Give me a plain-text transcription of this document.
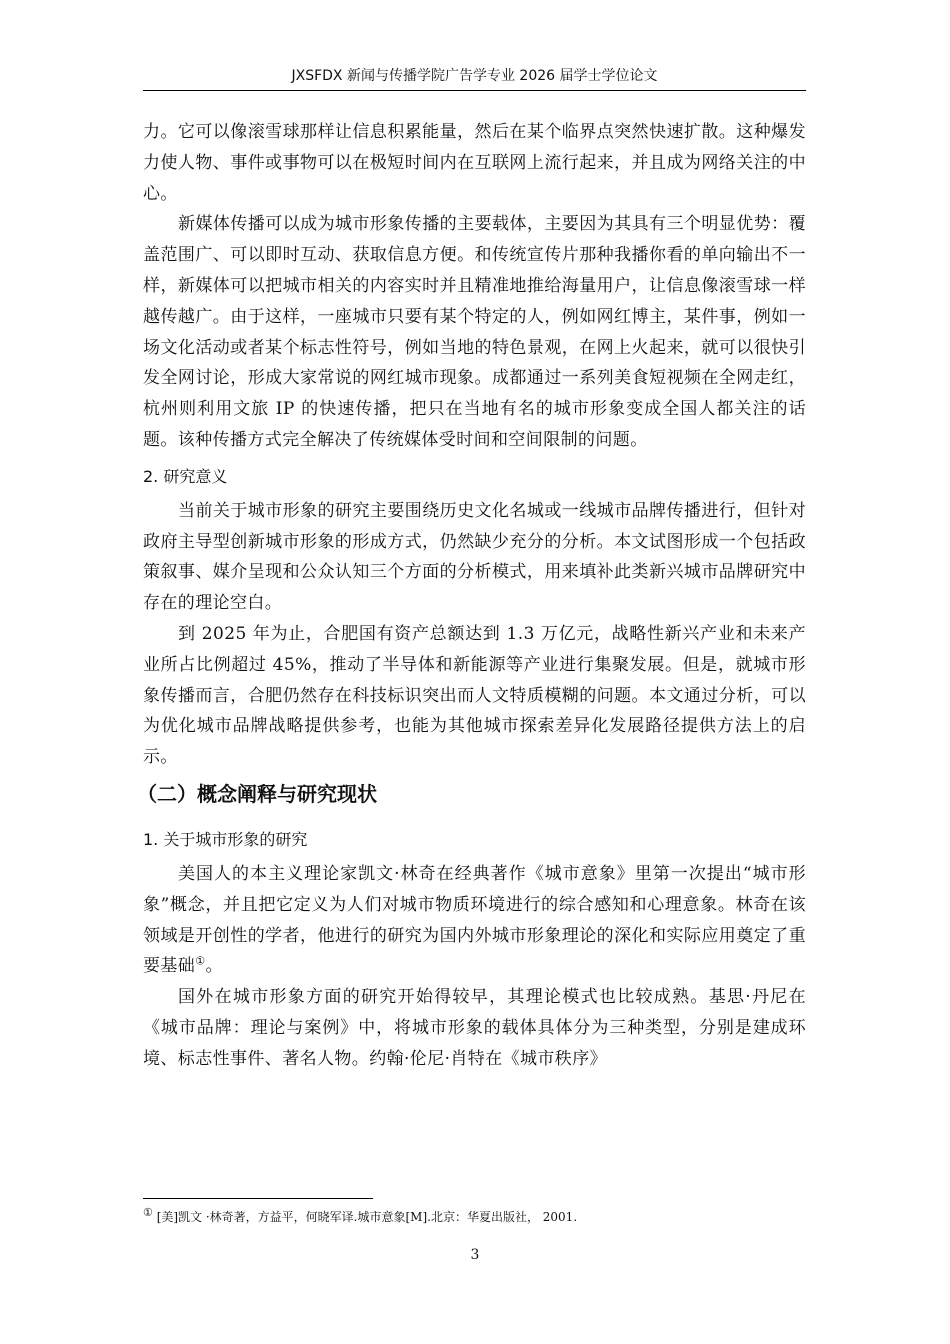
JXSFDX 新闻与传播学院广告学专业 2026 届学士学位论文

力。它可以像滚雪球那样让信息积累能量，然后在某个临界点突然快速扩散。这种爆发力使人物、事件或事物可以在极短时间内在互联网上流行起来，并且成为网络关注的中心。

新媒体传播可以成为城市形象传播的主要载体，主要因为其具有三个明显优势：覆盖范围广、可以即时互动、获取信息方便。和传统宣传片那种我播你看的单向输出不一样，新媒体可以把城市相关的内容实时并且精准地推给海量用户，让信息像滚雪球一样越传越广。由于这样，一座城市只要有某个特定的人，例如网红博主，某件事，例如一场文化活动或者某个标志性符号，例如当地的特色景观，在网上火起来，就可以很快引发全网讨论，形成大家常说的网红城市现象。成都通过一系列美食短视频在全网走红，杭州则利用文旅 IP 的快速传播，把只在当地有名的城市形象变成全国人都关注的话题。该种传播方式完全解决了传统媒体受时间和空间限制的问题。

2. 研究意义

当前关于城市形象的研究主要围绕历史文化名城或一线城市品牌传播进行，但针对政府主导型创新城市形象的形成方式，仍然缺少充分的分析。本文试图形成一个包括政策叙事、媒介呈现和公众认知三个方面的分析模式，用来填补此类新兴城市品牌研究中存在的理论空白。

到 2025 年为止，合肥国有资产总额达到 1.3 万亿元，战略性新兴产业和未来产业所占比例超过 45%，推动了半导体和新能源等产业进行集聚发展。但是，就城市形象传播而言，合肥仍然存在科技标识突出而人文特质模糊的问题。本文通过分析，可以为优化城市品牌战略提供参考，也能为其他城市探索差异化发展路径提供方法上的启示。

（二）概念阐释与研究现状
1. 关于城市形象的研究

美国人的本主义理论家凯文·林奇在经典著作《城市意象》里第一次提出“城市形象”概念，并且把它定义为人们对城市物质环境进行的综合感知和心理意象。林奇在该领域是开创性的学者，他进行的研究为国内外城市形象理论的深化和实际应用奠定了重要基础①。

国外在城市形象方面的研究开始得较早，其理论模式也比较成熟。基思·丹尼在《城市品牌：理论与案例》中，将城市形象的载体具体分为三种类型，分别是建成环境、标志性事件、著名人物。约翰·伦尼·肖特在《城市秩序》

① [美]凯文 ·林奇著，方益平，何晓军译.城市意象[M].北京：华夏出版社， 2001.
3
